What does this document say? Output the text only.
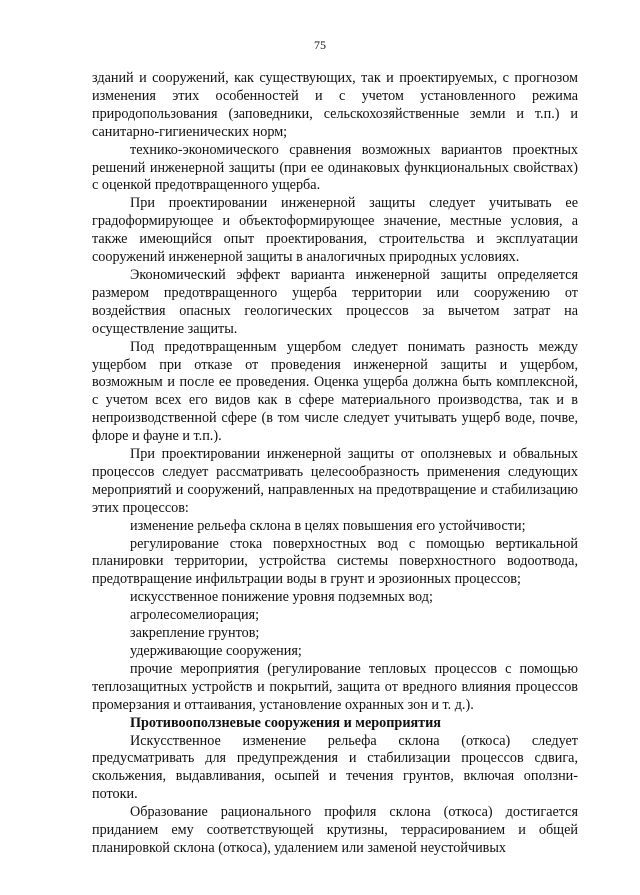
75

зданий и сооружений, как существующих, так и проектируемых, с прогнозом изменения этих особенностей и с учетом установленного режима природопользования (заповедники, сельскохозяйственные земли и т.п.) и санитарно-гигиенических норм;

технико-экономического сравнения возможных вариантов проектных решений инженерной защиты (при ее одинаковых функциональных свойствах) с оценкой предотвращенного ущерба.

При проектировании инженерной защиты следует учитывать ее градоформирующее и объектоформирующее значение, местные условия, а также имеющийся опыт проектирования, строительства и эксплуатации сооружений инженерной защиты в аналогичных природных условиях.

Экономический эффект варианта инженерной защиты определяется размером предотвращенного ущерба территории или сооружению от воздействия опасных геологических процессов за вычетом затрат на осуществление защиты.

Под предотвращенным ущербом следует понимать разность между ущербом при отказе от проведения инженерной защиты и ущербом, возможным и после ее проведения. Оценка ущерба должна быть комплексной, с учетом всех его видов как в сфере материального производства, так и в непроизводственной сфере (в том числе следует учитывать ущерб воде, почве, флоре и фауне и т.п.).

При проектировании инженерной защиты от оползневых и обвальных процессов следует рассматривать целесообразность применения следующих мероприятий и сооружений, направленных на предотвращение и стабилизацию этих процессов:

изменение рельефа склона в целях повышения его устойчивости;

регулирование стока поверхностных вод с помощью вертикальной планировки территории, устройства системы поверхностного водоотвода, предотвращение инфильтрации воды в грунт и эрозионных процессов;

искусственное понижение уровня подземных вод;

агролесомелиорация;

закрепление грунтов;

удерживающие сооружения;

прочие мероприятия (регулирование тепловых процессов с помощью теплозащитных устройств и покрытий, защита от вредного влияния процессов промерзания и оттаивания, установление охранных зон и т. д.).

Противооползневые сооружения и мероприятия

Искусственное изменение рельефа склона (откоса) следует предусматривать для предупреждения и стабилизации процессов сдвига, скольжения, выдавливания, осыпей и течения грунтов, включая оползни-потоки.

Образование рационального профиля склона (откоса) достигается приданием ему соответствующей крутизны, террасированием и общей планировкой склона (откоса), удалением или заменой неустойчивых
